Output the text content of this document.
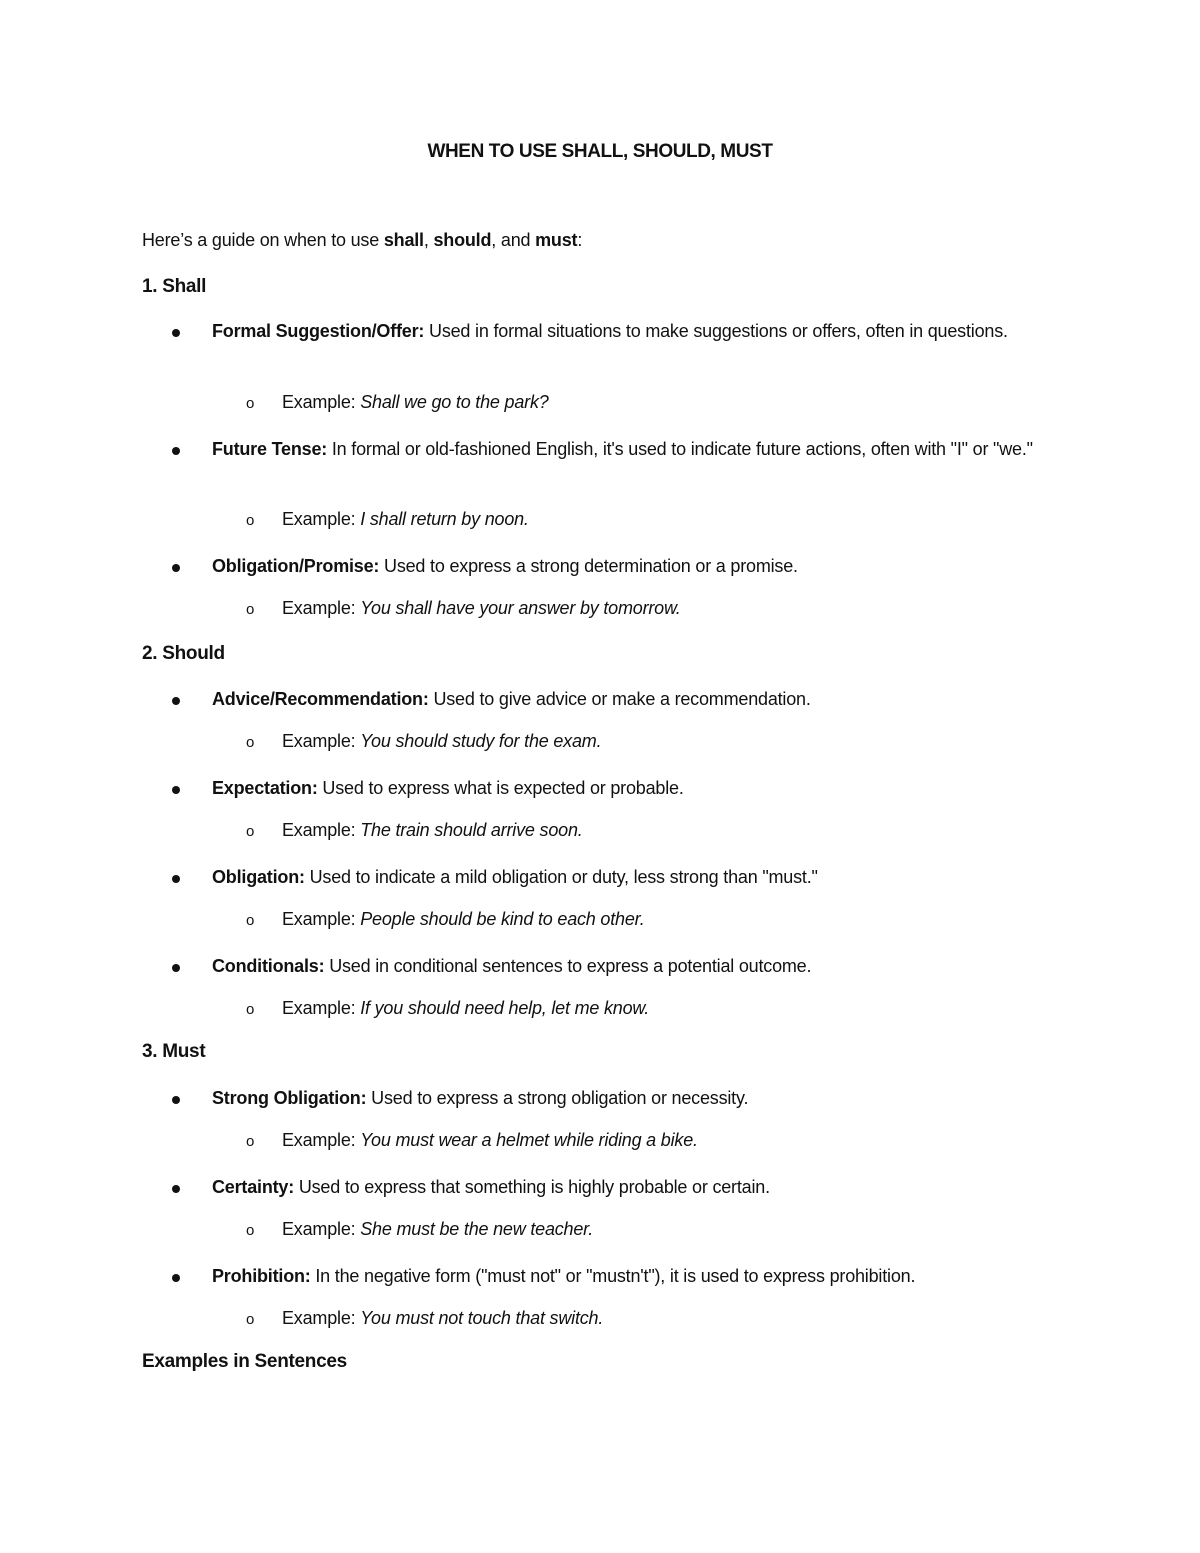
WHEN TO USE SHALL, SHOULD, MUST
Here’s a guide on when to use shall, should, and must:
1. Shall
Formal Suggestion/Offer: Used in formal situations to make suggestions or offers, often in questions.
o Example: Shall we go to the park?
Future Tense: In formal or old-fashioned English, it's used to indicate future actions, often with "I" or "we."
o Example: I shall return by noon.
Obligation/Promise: Used to express a strong determination or a promise.
o Example: You shall have your answer by tomorrow.
2. Should
Advice/Recommendation: Used to give advice or make a recommendation.
o Example: You should study for the exam.
Expectation: Used to express what is expected or probable.
o Example: The train should arrive soon.
Obligation: Used to indicate a mild obligation or duty, less strong than "must."
o Example: People should be kind to each other.
Conditionals: Used in conditional sentences to express a potential outcome.
o Example: If you should need help, let me know.
3. Must
Strong Obligation: Used to express a strong obligation or necessity.
o Example: You must wear a helmet while riding a bike.
Certainty: Used to express that something is highly probable or certain.
o Example: She must be the new teacher.
Prohibition: In the negative form ("must not" or "mustn't"), it is used to express prohibition.
o Example: You must not touch that switch.
Examples in Sentences
